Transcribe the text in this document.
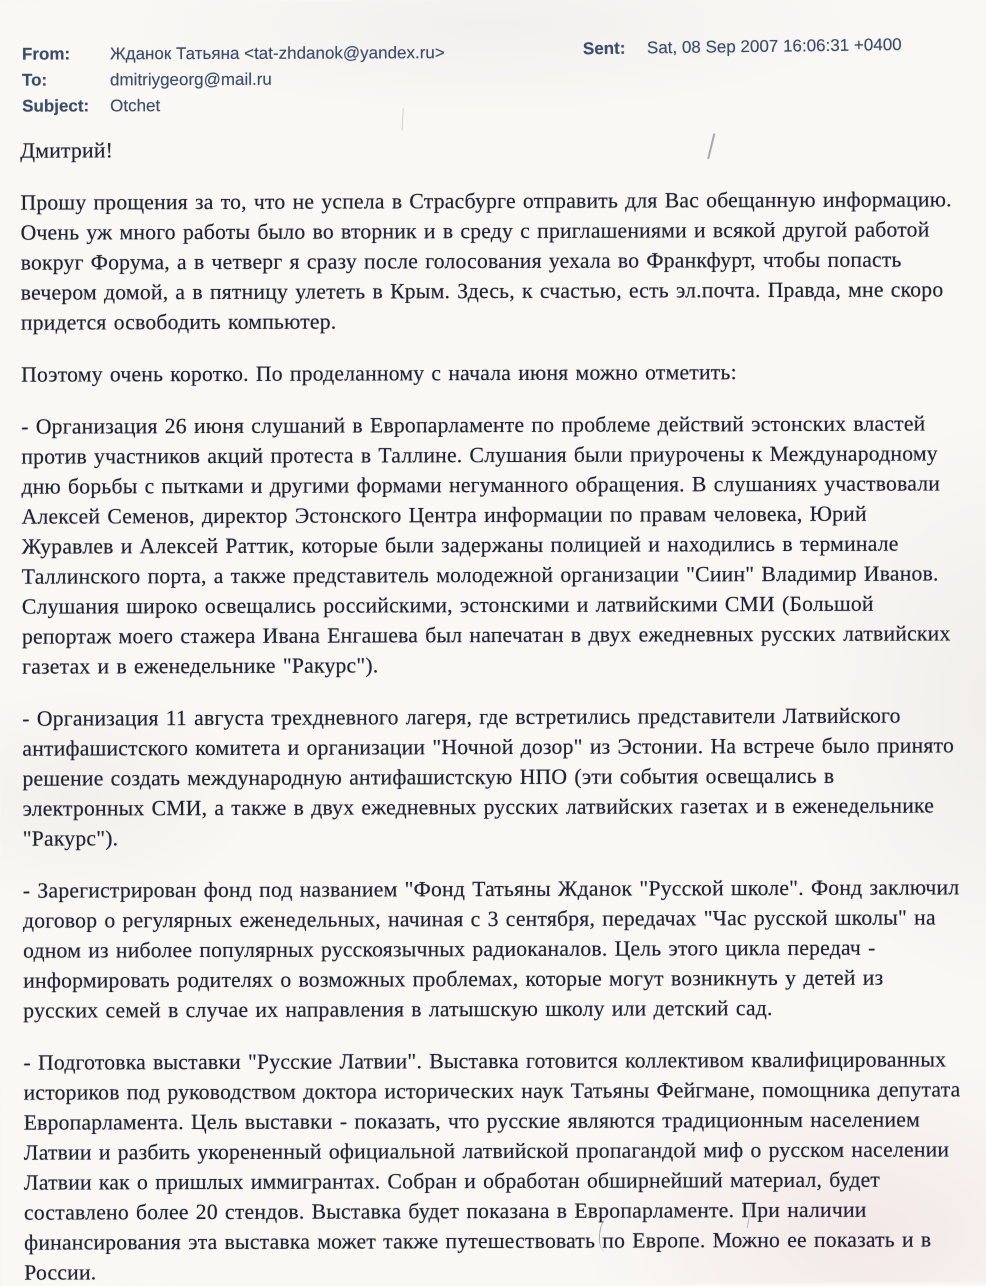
From:	Жданок Татьяна <tat-zhdanok@yandex.ru>
To:	dmitriygeorg@mail.ru
Subject:	Otchet
Sent:	Sat, 08 Sep 2007 16:06:31 +0400
Дмитрий!
Прошу прощения за то, что не успела в Страсбурге отправить для Вас обещанную информацию.
Очень уж много работы было во вторник и в среду с приглашениями и всякой другой работой
вокруг Форума, а в четверг я сразу после голосования уехала во Франкфурт, чтобы попасть
вечером домой, а в пятницу улететь в Крым. Здесь, к счастью, есть эл.почта. Правда, мне скоро
придется освободить компьютер.
Поэтому очень коротко. По проделанному с начала июня можно отметить:
- Организация 26 июня слушаний в Европарламенте по проблеме действий эстонских властей
против участников акций протеста в Таллине. Слушания были приурочены к Международному
дню борьбы с пытками и другими формами негуманного обращения. В слушаниях участвовали
Алексей Семенов, директор Эстонского Центра информации по правам человека, Юрий
Журавлев и Алексей Раттик, которые были задержаны полицией и находились в терминале
Таллинского порта, а также представитель молодежной организации "Сиин" Владимир Иванов.
Слушания широко освещались российскими, эстонскими и латвийскими СМИ (Большой
репортаж моего стажера Ивана Енгашева был напечатан в двух ежедневных русских латвийских
газетах и в еженедельнике "Ракурс").
- Организация 11 августа трехдневного лагеря, где встретились представители Латвийского
антифашистского комитета и организации "Ночной дозор" из Эстонии. На встрече было принято
решение создать международную антифашистскую НПО (эти события освещались в
электронных СМИ, а также в двух ежедневных русских латвийских газетах и в еженедельнике
"Ракурс").
- Зарегистрирован фонд под названием "Фонд Татьяны Жданок "Русской школе". Фонд заключил
договор о регулярных еженедельных, начиная с 3 сентября, передачах "Час русской школы" на
одном из ниболее популярных русскоязычных радиоканалов. Цель этого цикла передач -
информировать родителях о возможных проблемах, которые могут возникнуть у детей из
русских семей в случае их направления в латышскую школу или детский сад.
- Подготовка выставки "Русские Латвии". Выставка готовится коллективом квалифицированных
историков под руководством доктора исторических наук Татьяны Фейгмане, помощника депутата
Европарламента. Цель выставки - показать, что русские являются традиционным населением
Латвии и разбить укорененный официальной латвийской пропагандой миф о русском населении
Латвии как о пришлых иммигрантах. Собран и обработан обширнейший материал, будет
составлено более 20 стендов. Выставка будет показана в Европарламенте. При наличии
финансирования эта выставка может также путешествовать по Европе. Можно ее показать и в
России.
